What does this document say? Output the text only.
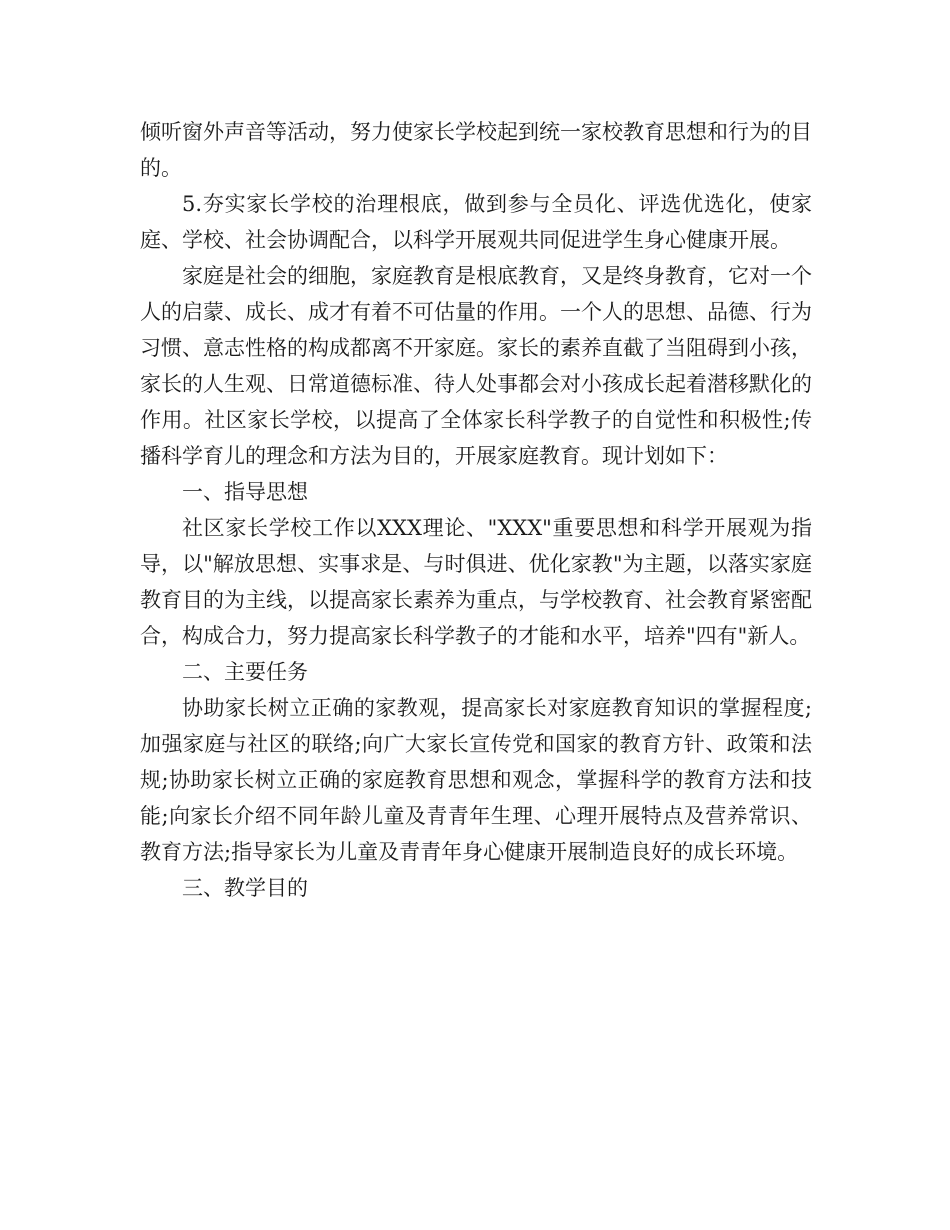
倾听窗外声音等活动，努力使家长学校起到统一家校教育思想和行为的目的。

5.夯实家长学校的治理根底，做到参与全员化、评选优选化，使家庭、学校、社会协调配合，以科学开展观共同促进学生身心健康开展。

家庭是社会的细胞，家庭教育是根底教育，又是终身教育，它对一个人的启蒙、成长、成才有着不可估量的作用。一个人的思想、品德、行为习惯、意志性格的构成都离不开家庭。家长的素养直截了当阻碍到小孩，家长的人生观、日常道德标准、待人处事都会对小孩成长起着潜移默化的作用。社区家长学校，以提高了全体家长科学教子的自觉性和积极性;传播科学育儿的理念和方法为目的，开展家庭教育。现计划如下：

一、指导思想

社区家长学校工作以XXX理论、"XXX"重要思想和科学开展观为指导，以"解放思想、实事求是、与时俱进、优化家教"为主题，以落实家庭教育目的为主线，以提高家长素养为重点，与学校教育、社会教育紧密配合，构成合力，努力提高家长科学教子的才能和水平，培养"四有"新人。

二、主要任务

协助家长树立正确的家教观，提高家长对家庭教育知识的掌握程度;加强家庭与社区的联络;向广大家长宣传党和国家的教育方针、政策和法规;协助家长树立正确的家庭教育思想和观念，掌握科学的教育方法和技能;向家长介绍不同年龄儿童及青青年生理、心理开展特点及营养常识、教育方法;指导家长为儿童及青青年身心健康开展制造良好的成长环境。

三、教学目的
